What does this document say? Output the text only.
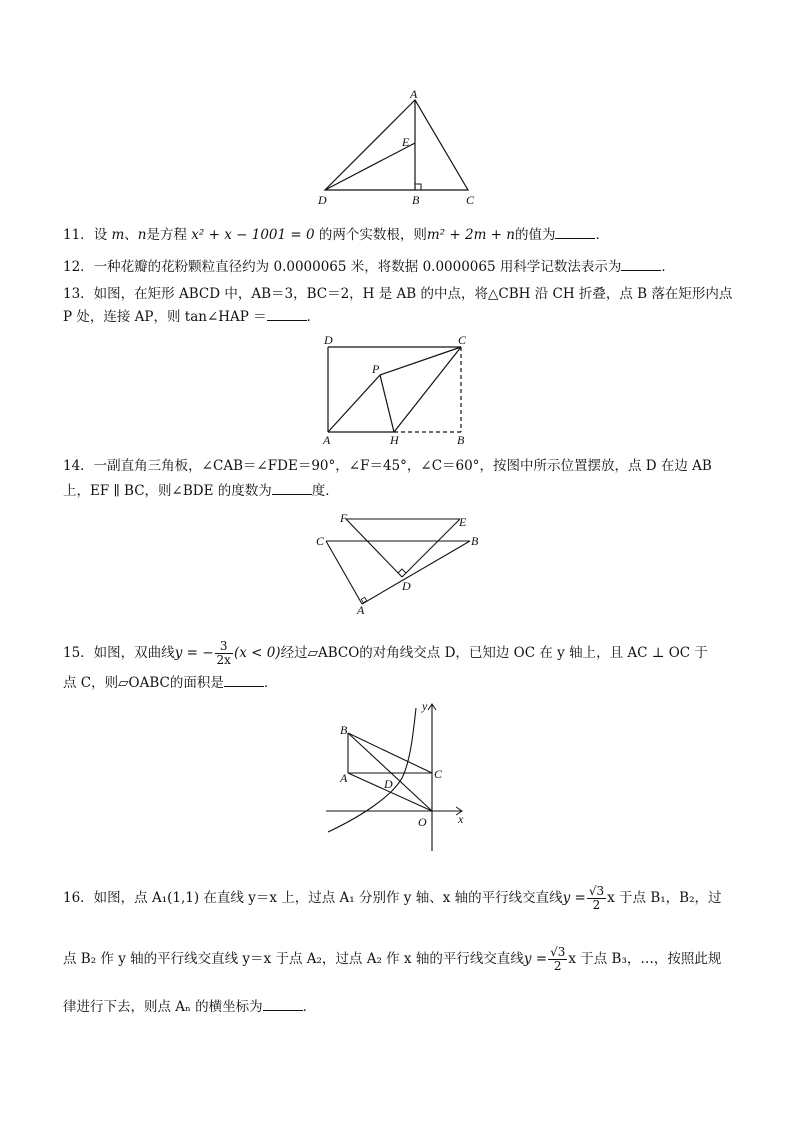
A
E
D	B	C
11．设 m、n是方程 x² + x − 1001 = 0 的两个实数根，则m² + 2m + n的值为	．
12．一种花瓣的花粉颗粒直径约为 0.0000065 米，将数据 0.0000065 用科学记数法表示为	．
13．如图，在矩形 ABCD 中，AB＝3，BC＝2，H 是 AB 的中点，将△CBH 沿 CH 折叠，点 B 落在矩形内点
P 处，连接 AP，则 tan∠HAP ＝	．
D	C
P
A	H	B
14．一副直角三角板，∠CAB＝∠FDE＝90°，∠F＝45°，∠C＝60°，按图中所示位置摆放，点 D 在边 AB
上，EF ∥ BC，则∠BDE 的度数为	度．
F	E
C	B
D
A
15．如图，双曲线y = − $\frac{3}{2x} (x < 0)$经过▱ABCO的对角线交点 D，已知边 OC 在 y 轴上，且 AC ⊥ OC 于
点 C，则▱OABC的面积是	．
y
B
A	D
C
O	x
16．如图，点 A₁(1,1) 在直线 y＝x 上，过点 A₁ 分别作 y 轴、x 轴的平行线交直线$y = \frac{√3}{2}$ x 于点 B₁，B₂，过
点 B₂ 作 y 轴的平行线交直线 y＝x 于点 A₂，过点 A₂ 作 x 轴的平行线交直线$y = \frac{√3}{2}$ x 于点 B₃，…，按照此规
律进行下去，则点 Aₙ 的横坐标为	．
